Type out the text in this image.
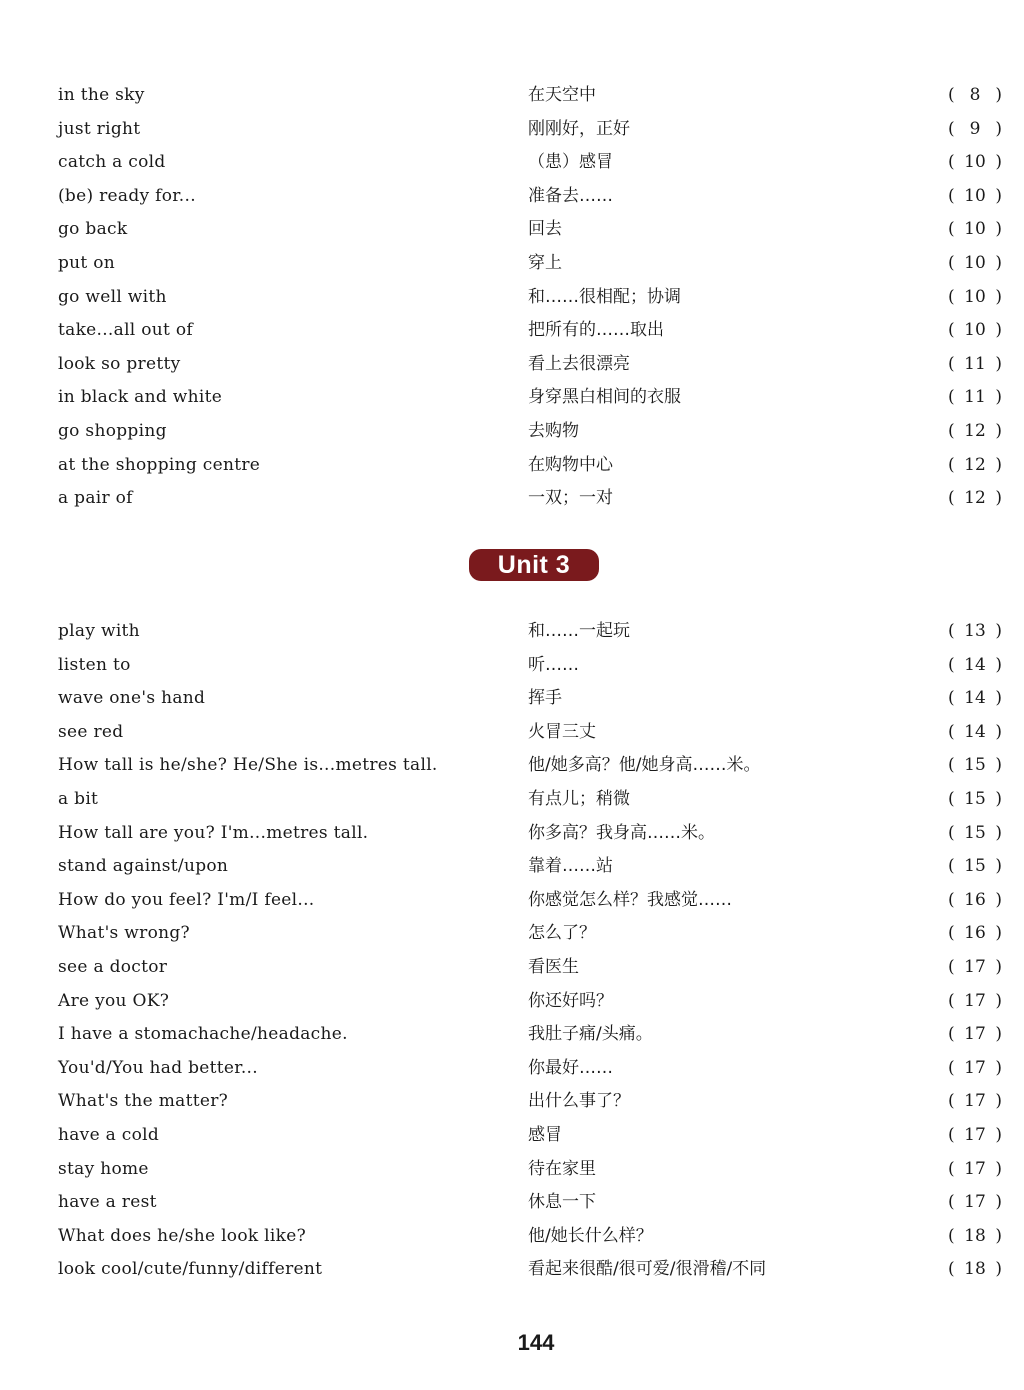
in the sky	在天空中	( 8 )
just right	刚刚好，正好	( 9 )
catch a cold	（患）感冒	( 10 )
(be) ready for...	准备去……	( 10 )
go back	回去	( 10 )
put on	穿上	( 10 )
go well with	和……很相配；协调	( 10 )
take...all out of	把所有的……取出	( 10 )
look so pretty	看上去很漂亮	( 11 )
in black and white	身穿黑白相间的衣服	( 11 )
go shopping	去购物	( 12 )
at the shopping centre	在购物中心	( 12 )
a pair of	一双；一对	( 12 )
Unit 3
play with	和……一起玩	( 13 )
listen to	听……	( 14 )
wave one's hand	挥手	( 14 )
see red	火冒三丈	( 14 )
How tall is he/she? He/She is...metres tall.	他/她多高？他/她身高……米。	( 15 )
a bit	有点儿；稍微	( 15 )
How tall are you? I'm...metres tall.	你多高？我身高……米。	( 15 )
stand against/upon	靠着……站	( 15 )
How do you feel? I'm/I feel...	你感觉怎么样？我感觉……	( 16 )
What's wrong?	怎么了？	( 16 )
see a doctor	看医生	( 17 )
Are you OK?	你还好吗？	( 17 )
I have a stomachache/headache.	我肚子痛/头痛。	( 17 )
You'd/You had better...	你最好……	( 17 )
What's the matter?	出什么事了？	( 17 )
have a cold	感冒	( 17 )
stay home	待在家里	( 17 )
have a rest	休息一下	( 17 )
What does he/she look like?	他/她长什么样？	( 18 )
look cool/cute/funny/different	看起来很酷/很可爱/很滑稽/不同	( 18 )
144
